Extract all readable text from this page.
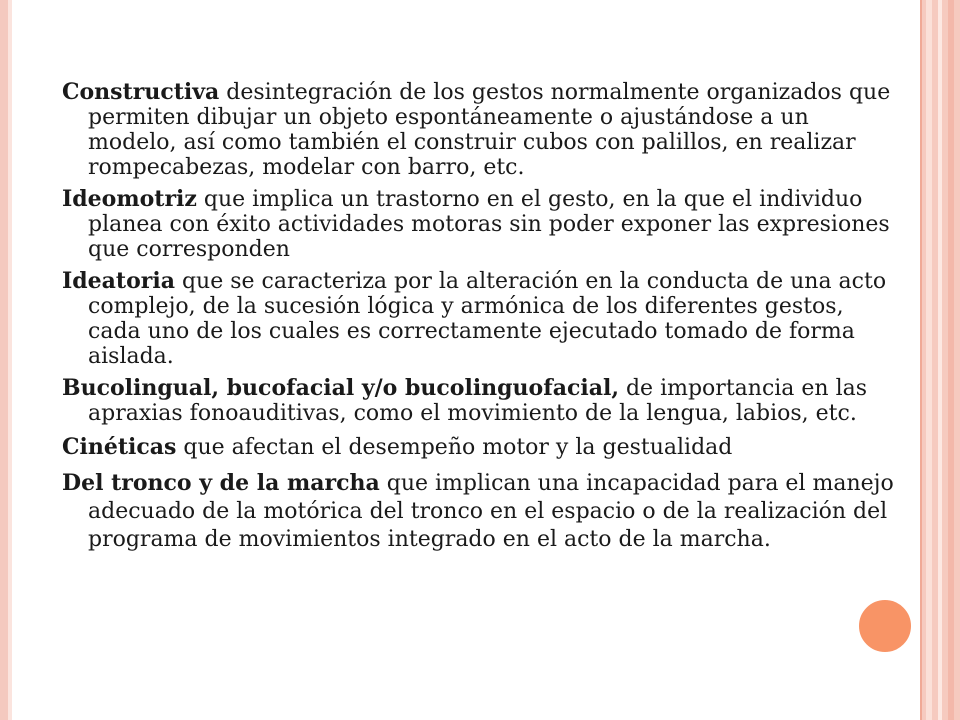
Constructiva desintegración de los gestos normalmente organizados que permiten dibujar un objeto espontáneamente o ajustándose a un modelo, así como también el construir cubos con palillos, en realizar rompecabezas, modelar con barro, etc.

Ideomotriz que implica un trastorno en el gesto, en la que el individuo planea con éxito actividades motoras sin poder exponer las expresiones que corresponden

Ideatoria que se caracteriza por la alteración en la conducta de una acto complejo, de la sucesión lógica y armónica de los diferentes gestos, cada uno de los cuales es correctamente ejecutado tomado de forma aislada.

Bucolingual, bucofacial y/o bucolinguofacial, de importancia en las apraxias fonoauditivas, como el movimiento de la lengua, labios, etc.

Cinéticas que afectan el desempeño motor y la gestualidad

Del tronco y de la marcha que implican una incapacidad para el manejo adecuado de la motórica del tronco en el espacio o de la realización del programa de movimientos integrado en el acto de la marcha.
